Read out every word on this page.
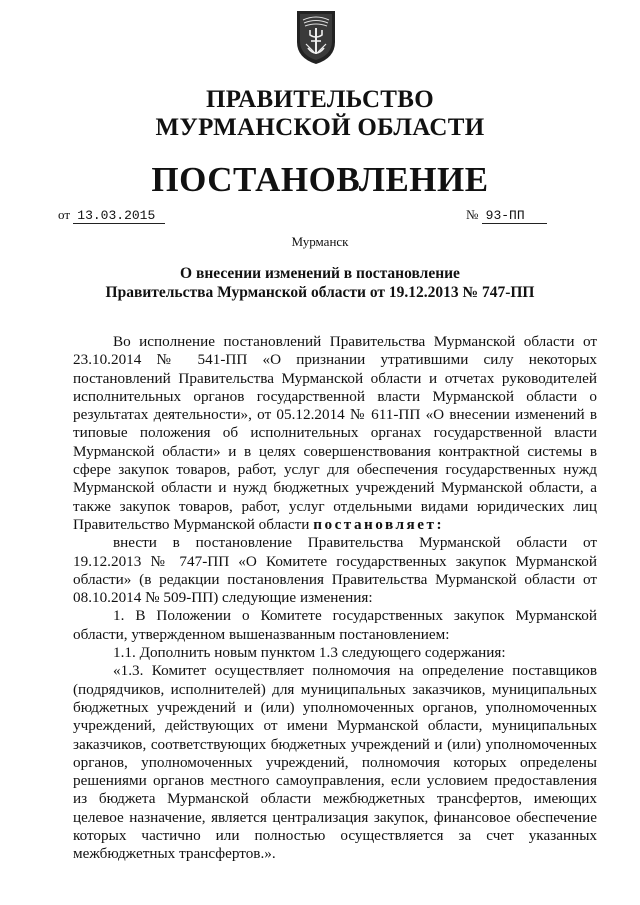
ПРАВИТЕЛЬСТВО
МУРМАНСКОЙ ОБЛАСТИ
ПОСТАНОВЛЕНИЕ
от 13.03.2015	№ 93-ПП
Мурманск
О внесении изменений в постановление
Правительства Мурманской области от 19.12.2013 № 747-ПП

Во исполнение постановлений Правительства Мурманской области от 23.10.2014 № 541-ПП «О признании утратившими силу некоторых постановлений Правительства Мурманской области и отчетах руководителей исполнительных органов государственной власти Мурманской области о результатах деятельности», от 05.12.2014 № 611-ПП «О внесении изменений в типовые положения об исполнительных органах государственной власти Мурманской области» и в целях совершенствования контрактной системы в сфере закупок товаров, работ, услуг для обеспечения государственных нужд Мурманской области и нужд бюджетных учреждений Мурманской области, а также закупок товаров, работ, услуг отдельными видами юридических лиц Правительство Мурманской области постановляет:

внести в постановление Правительства Мурманской области от 19.12.2013 № 747-ПП «О Комитете государственных закупок Мурманской области» (в редакции постановления Правительства Мурманской области от 08.10.2014 № 509-ПП) следующие изменения:

1. В Положении о Комитете государственных закупок Мурманской области, утвержденном вышеназванным постановлением:

1.1. Дополнить новым пунктом 1.3 следующего содержания:

«1.3. Комитет осуществляет полномочия на определение поставщиков (подрядчиков, исполнителей) для муниципальных заказчиков, муниципальных бюджетных учреждений и (или) уполномоченных органов, уполномоченных учреждений, действующих от имени Мурманской области, муниципальных заказчиков, соответствующих бюджетных учреждений и (или) уполномоченных органов, уполномоченных учреждений, полномочия которых определены решениями органов местного самоуправления, если условием предоставления из бюджета Мурманской области межбюджетных трансфертов, имеющих целевое назначение, является централизация закупок, финансовое обеспечение которых частично или полностью осуществляется за счет указанных межбюджетных трансфертов.».
